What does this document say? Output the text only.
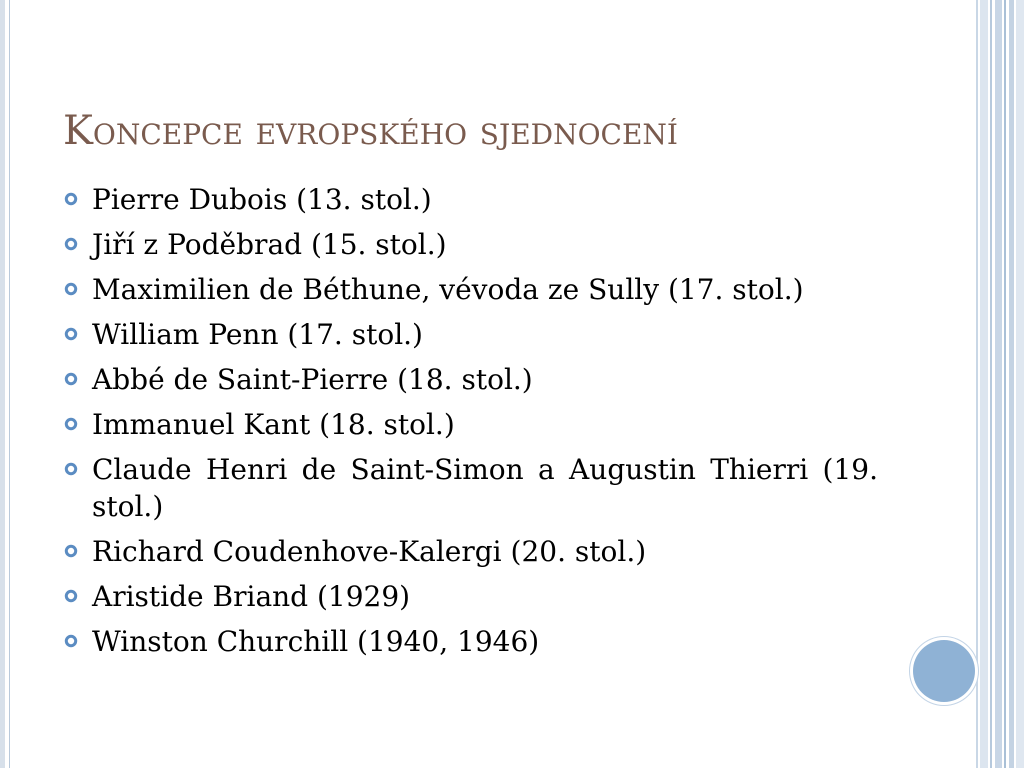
Koncepce evropského sjednocení
Pierre Dubois (13. stol.)
Jiří z Poděbrad (15. stol.)
Maximilien de Béthune, vévoda ze Sully (17. stol.)
William Penn (17. stol.)
Abbé de Saint-Pierre (18. stol.)
Immanuel Kant (18. stol.)
Claude Henri de Saint-Simon a Augustin Thierri (19. stol.)
Richard Coudenhove-Kalergi (20. stol.)
Aristide Briand (1929)
Winston Churchill (1940, 1946)
